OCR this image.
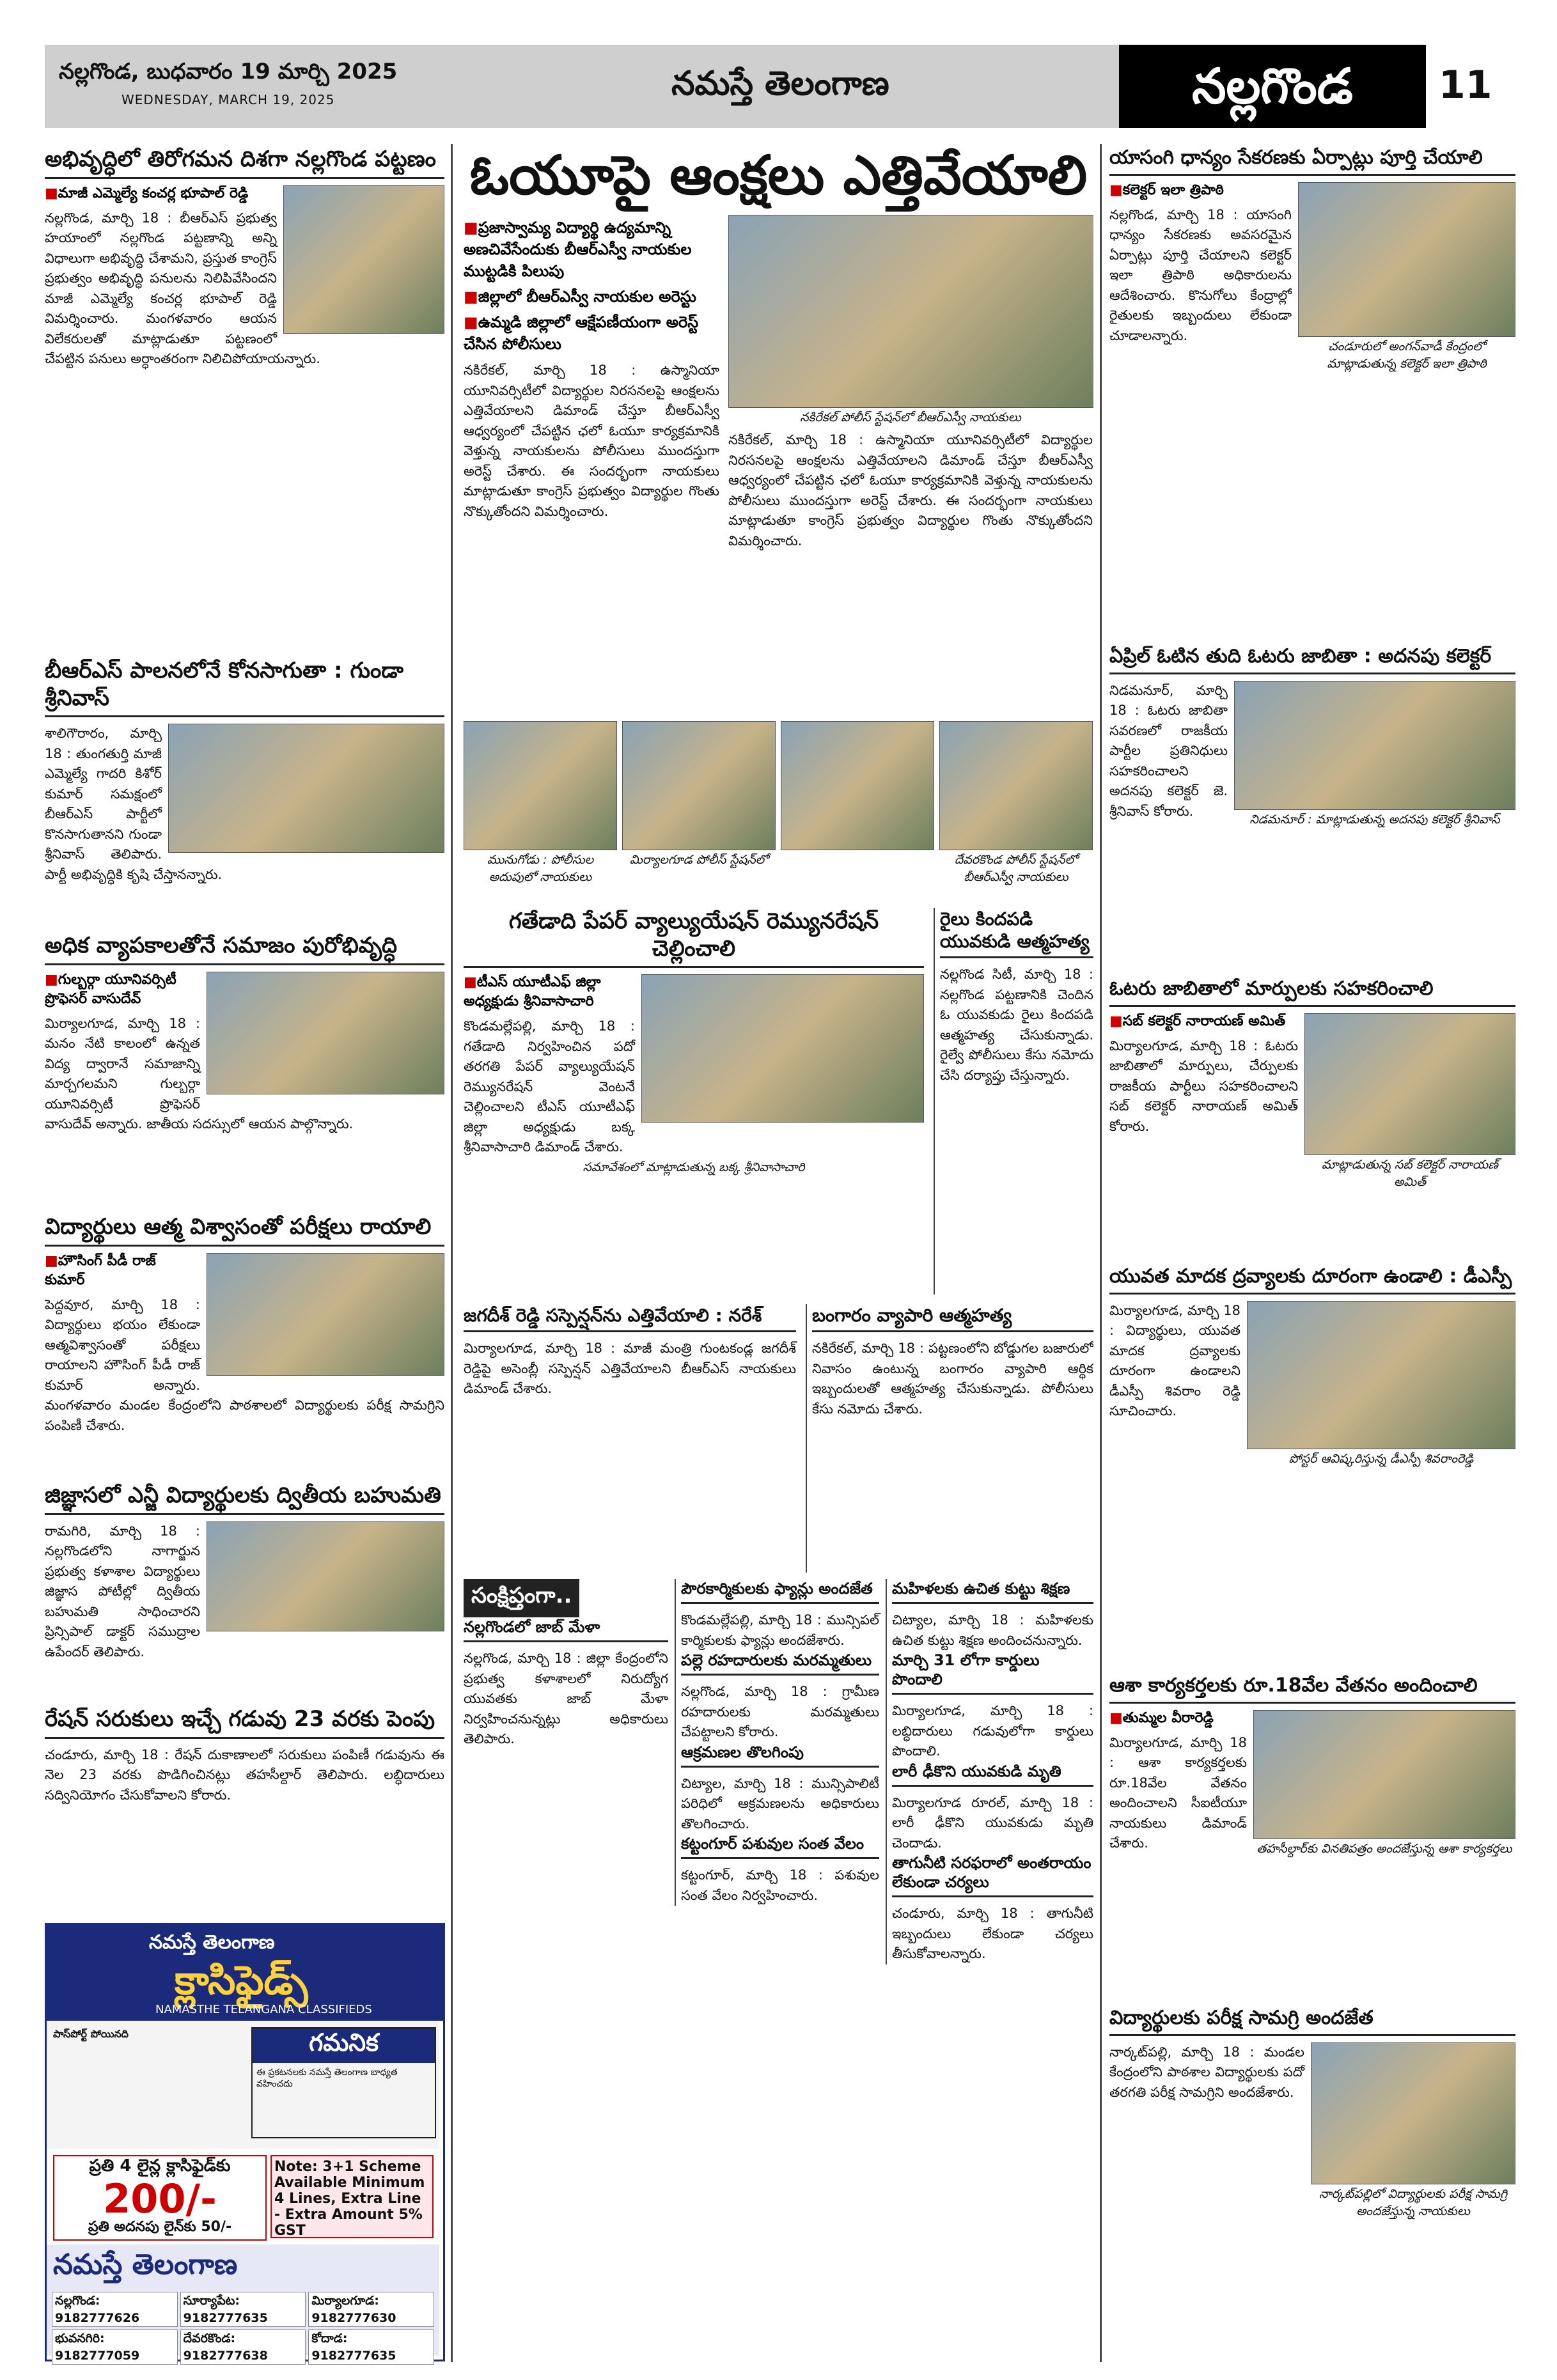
నల్లగొండ, బుధవారం 19 మార్చి 2025
WEDNESDAY, MARCH 19, 2025	నమస్తే తెలంగాణ	నల్లగొండ	11
అభివృద్ధిలో తిరోగమన దిశగా నల్లగొండ పట్టణం
■ మాజీ ఎమ్మెల్యే కంచర్ల భూపాల్ రెడ్డి

నల్లగొండ, మార్చి 18 : బీఆర్ఎస్ ప్రభుత్వ హయాంలో నల్లగొండ పట్టణాన్ని అన్ని విధాలుగా అభివృద్ధి చేశామని, ప్రస్తుత కాంగ్రెస్ ప్రభుత్వం అభివృద్ధి పనులను నిలిపివేసిందని మాజీ ఎమ్మెల్యే కంచర్ల భూపాల్ రెడ్డి విమర్శించారు. మంగళవారం ఆయన విలేకరులతో మాట్లాడుతూ పట్టణంలో చేపట్టిన పనులు అర్ధాంతరంగా నిలిచిపోయాయన్నారు.

బీఆర్ఎస్ పాలనలోనే కోనసాగుతా : గుండా శ్రీనివాస్

శాలిగౌరారం, మార్చి 18 : తుంగతుర్తి మాజీ ఎమ్మెల్యే గాదరి కిశోర్ కుమార్ సమక్షంలో బీఆర్ఎస్ పార్టీలో కొనసాగుతానని గుండా శ్రీనివాస్ తెలిపారు. పార్టీ అభివృద్ధికి కృషి చేస్తానన్నారు.

అధిక వ్యాపకాలతోనే సమాజం పురోభివృద్ధి
■ గుల్బర్గా యూనివర్సిటీ ప్రొఫెసర్ వాసుదేవ్

మిర్యాలగూడ, మార్చి 18 : మనం నేటి కాలంలో ఉన్నత విద్య ద్వారానే సమాజాన్ని మార్చగలమని గుల్బర్గా యూనివర్సిటీ ప్రొఫెసర్ వాసుదేవ్ అన్నారు. జాతీయ సదస్సులో ఆయన పాల్గొన్నారు.

విద్యార్థులు ఆత్మ విశ్వాసంతో పరీక్షలు రాయాలి
■ హౌసింగ్ పీడీ రాజ్ కుమార్

పెద్దవూర, మార్చి 18 : విద్యార్థులు భయం లేకుండా ఆత్మవిశ్వాసంతో పరీక్షలు రాయాలని హౌసింగ్ పీడీ రాజ్ కుమార్ అన్నారు. మంగళవారం మండల కేంద్రంలోని పాఠశాలలో విద్యార్థులకు పరీక్ష సామగ్రిని పంపిణీ చేశారు.

జిజ్ఞాసలో ఎన్జీ విద్యార్థులకు ద్వితీయ బహుమతి

రామగిరి, మార్చి 18 : నల్లగొండలోని నాగార్జున ప్రభుత్వ కళాశాల విద్యార్థులు జిజ్ఞాస పోటీల్లో ద్వితీయ బహుమతి సాధించారని ప్రిన్సిపాల్ డాక్టర్ సముద్రాల ఉపేందర్ తెలిపారు.

రేషన్ సరుకులు ఇచ్చే గడువు 23 వరకు పెంపు

చండూరు, మార్చి 18 : రేషన్ దుకాణాలలో సరుకులు పంపిణీ గడువును ఈ నెల 23 వరకు పొడిగించినట్లు తహసీల్దార్ తెలిపారు. లబ్ధిదారులు సద్వినియోగం చేసుకోవాలని కోరారు.

నమస్తే తెలంగాణ
క్లాసిఫైడ్స్
NAMASTHE TELANGANA CLASSIFIEDS
పాస్‌పోర్ట్ పోయినది	గమనిక

ఈ ప్రకటనలకు నమస్తే తెలంగాణ బాధ్యత వహించదు

ప్రతి 4 లైన్ల క్లాసిఫైడ్‌కు
200/-
ప్రతి అదనపు లైన్‌కు 50/-
Note: 3+1 Scheme Available Minimum 4 Lines, Extra Line - Extra Amount 5% GST
నమస్తే తెలంగాణ
నల్లగొండ: 9182777626
సూర్యాపేట: 9182777635
మిర్యాలగూడ: 9182777630
భువనగిరి: 9182777059
దేవరకొండ: 9182777638
కోదాడ: 9182777635
ఓయూపై ఆంక్షలు ఎత్తివేయాలి
■ ప్రజాస్వామ్య విద్యార్థి ఉద్యమాన్ని అణచివేసేందుకు బీఆర్ఎస్వీ నాయకుల ముట్టడికి పిలుపు
■ జిల్లాలో బీఆర్ఎస్వీ నాయకుల అరెస్టు
■ ఉమ్మడి జిల్లాలో ఆక్షేపణీయంగా అరెస్ట్ చేసిన పోలీసులు

నకిరేకల్, మార్చి 18 : ఉస్మానియా యూనివర్సిటీలో విద్యార్థుల నిరసనలపై ఆంక్షలను ఎత్తివేయాలని డిమాండ్ చేస్తూ బీఆర్ఎస్వీ ఆధ్వర్యంలో చేపట్టిన ఛలో ఓయూ కార్యక్రమానికి వెళ్తున్న నాయకులను పోలీసులు ముందస్తుగా అరెస్ట్ చేశారు. ఈ సందర్భంగా నాయకులు మాట్లాడుతూ కాంగ్రెస్ ప్రభుత్వం విద్యార్థుల గొంతు నొక్కుతోందని విమర్శించారు.

నకిరేకల్ పోలీస్ స్టేషన్‌లో బీఆర్ఎస్వీ నాయకులు

నకిరేకల్, మార్చి 18 : ఉస్మానియా యూనివర్సిటీలో విద్యార్థుల నిరసనలపై ఆంక్షలను ఎత్తివేయాలని డిమాండ్ చేస్తూ బీఆర్ఎస్వీ ఆధ్వర్యంలో చేపట్టిన ఛలో ఓయూ కార్యక్రమానికి వెళ్తున్న నాయకులను పోలీసులు ముందస్తుగా అరెస్ట్ చేశారు. ఈ సందర్భంగా నాయకులు మాట్లాడుతూ కాంగ్రెస్ ప్రభుత్వం విద్యార్థుల గొంతు నొక్కుతోందని విమర్శించారు.

మునుగోడు : పోలీసుల అదుపులో నాయకులు
మిర్యాలగూడ పోలీస్ స్టేషన్‌లో	దేవరకొండ పోలీస్ స్టేషన్‌లో బీఆర్ఎస్వీ నాయకులు
గతేడాది పేపర్ వ్యాల్యుయేషన్ రెమ్యునరేషన్ చెల్లించాలి
■ టీఎస్ యూటీఎఫ్ జిల్లా అధ్యక్షుడు శ్రీనివాసాచారి

కొండమల్లేపల్లి, మార్చి 18 : గతేడాది నిర్వహించిన పదో తరగతి పేపర్ వ్యాల్యుయేషన్ రెమ్యునరేషన్ వెంటనే చెల్లించాలని టీఎస్ యూటీఎఫ్ జిల్లా అధ్యక్షుడు బక్క శ్రీనివాసాచారి డిమాండ్ చేశారు.

సమావేశంలో మాట్లాడుతున్న బక్క శ్రీనివాసాచారి
రైలు కిందపడి యువకుడి ఆత్మహత్య

నల్లగొండ సిటీ, మార్చి 18 : నల్లగొండ పట్టణానికి చెందిన ఓ యువకుడు రైలు కిందపడి ఆత్మహత్య చేసుకున్నాడు. రైల్వే పోలీసులు కేసు నమోదు చేసి దర్యాప్తు చేస్తున్నారు.

జగదీశ్ రెడ్డి సస్పెన్షన్‌ను ఎత్తివేయాలి : నరేశ్

మిర్యాలగూడ, మార్చి 18 : మాజీ మంత్రి గుంటకండ్ల జగదీశ్ రెడ్డిపై అసెంబ్లీ సస్పెన్షన్ ఎత్తివేయాలని బీఆర్ఎస్ నాయకులు డిమాండ్ చేశారు.

బంగారం వ్యాపారి ఆత్మహత్య

నకిరేకల్, మార్చి 18 : పట్టణంలోని బోడ్డుగల బజారులో నివాసం ఉంటున్న బంగారం వ్యాపారి ఆర్థిక ఇబ్బందులతో ఆత్మహత్య చేసుకున్నాడు. పోలీసులు కేసు నమోదు చేశారు.

సంక్షిప్తంగా..
నల్లగొండలో జాబ్ మేళా

నల్లగొండ, మార్చి 18 : జిల్లా కేంద్రంలోని ప్రభుత్వ కళాశాలలో నిరుద్యోగ యువతకు జాబ్ మేళా నిర్వహించనున్నట్లు అధికారులు తెలిపారు.

పౌరకార్మికులకు ఫ్యాన్లు అందజేత

కొండమల్లేపల్లి, మార్చి 18 : మున్సిపల్ కార్మికులకు ఫ్యాన్లు అందజేశారు.

పల్లె రహదారులకు మరమ్మతులు

నల్లగొండ, మార్చి 18 : గ్రామీణ రహదారులకు మరమ్మతులు చేపట్టాలని కోరారు.

ఆక్రమణల తొలగింపు

చిట్యాల, మార్చి 18 : మున్సిపాలిటీ పరిధిలో ఆక్రమణలను అధికారులు తొలగించారు.

కట్టంగూర్ పశువుల సంత వేలం

కట్టంగూర్, మార్చి 18 : పశువుల సంత వేలం నిర్వహించారు.

మహిళలకు ఉచిత కుట్టు శిక్షణ

చిట్యాల, మార్చి 18 : మహిళలకు ఉచిత కుట్టు శిక్షణ అందించనున్నారు.

మార్చి 31 లోగా కార్డులు పొందాలి

మిర్యాలగూడ, మార్చి 18 : లబ్ధిదారులు గడువులోగా కార్డులు పొందాలి.

లారీ ఢీకొని యువకుడి మృతి

మిర్యాలగూడ రూరల్, మార్చి 18 : లారీ ఢీకొని యువకుడు మృతి చెందాడు.

తాగునీటి సరఫరాలో అంతరాయం లేకుండా చర్యలు

చండూరు, మార్చి 18 : తాగునీటి ఇబ్బందులు లేకుండా చర్యలు తీసుకోవాలన్నారు.

యాసంగి ధాన్యం సేకరణకు ఏర్పాట్లు పూర్తి చేయాలి
చండూరులో అంగన్‌వాడీ కేంద్రంలో మాట్లాడుతున్న కలెక్టర్ ఇలా త్రిపాఠి
■ కలెక్టర్ ఇలా త్రిపాఠి

నల్లగొండ, మార్చి 18 : యాసంగి ధాన్యం సేకరణకు అవసరమైన ఏర్పాట్లు పూర్తి చేయాలని కలెక్టర్ ఇలా త్రిపాఠి అధికారులను ఆదేశించారు. కొనుగోలు కేంద్రాల్లో రైతులకు ఇబ్బందులు లేకుండా చూడాలన్నారు.

ఏప్రిల్ ఓటిన తుది ఓటరు జాబితా : అదనపు కలెక్టర్
నిడమనూర్ : మాట్లాడుతున్న అదనపు కలెక్టర్ శ్రీనివాస్

నిడమనూర్, మార్చి 18 : ఓటరు జాబితా సవరణలో రాజకీయ పార్టీల ప్రతినిధులు సహకరించాలని అదనపు కలెక్టర్ జె. శ్రీనివాస్ కోరారు.

ఓటరు జాబితాలో మార్పులకు సహకరించాలి
మాట్లాడుతున్న సబ్ కలెక్టర్ నారాయణ్ అమిత్
■ సబ్ కలెక్టర్ నారాయణ్ అమిత్

మిర్యాలగూడ, మార్చి 18 : ఓటరు జాబితాలో మార్పులు, చేర్పులకు రాజకీయ పార్టీలు సహకరించాలని సబ్ కలెక్టర్ నారాయణ్ అమిత్ కోరారు.

యువత మాదక ద్రవ్యాలకు దూరంగా ఉండాలి : డీఎస్పీ
పోస్టర్ ఆవిష్కరిస్తున్న డీఎస్పీ శివరాంరెడ్డి

మిర్యాలగూడ, మార్చి 18 : విద్యార్థులు, యువత మాదక ద్రవ్యాలకు దూరంగా ఉండాలని డీఎస్పీ శివరాం రెడ్డి సూచించారు.

ఆశా కార్యకర్తలకు రూ.18వేల వేతనం అందించాలి
తహసీల్దార్‌కు వినతిపత్రం అందజేస్తున్న ఆశా కార్యకర్తలు
■ తుమ్మల వీరారెడ్డి

మిర్యాలగూడ, మార్చి 18 : ఆశా కార్యకర్తలకు రూ.18వేల వేతనం అందించాలని సీఐటీయూ నాయకులు డిమాండ్ చేశారు.

విద్యార్థులకు పరీక్ష సామగ్రి అందజేత
నార్కట్‌పల్లిలో విద్యార్థులకు పరీక్ష సామగ్రి అందజేస్తున్న నాయకులు

నార్కట్‌పల్లి, మార్చి 18 : మండల కేంద్రంలోని పాఠశాల విద్యార్థులకు పదో తరగతి పరీక్ష సామగ్రిని అందజేశారు.
